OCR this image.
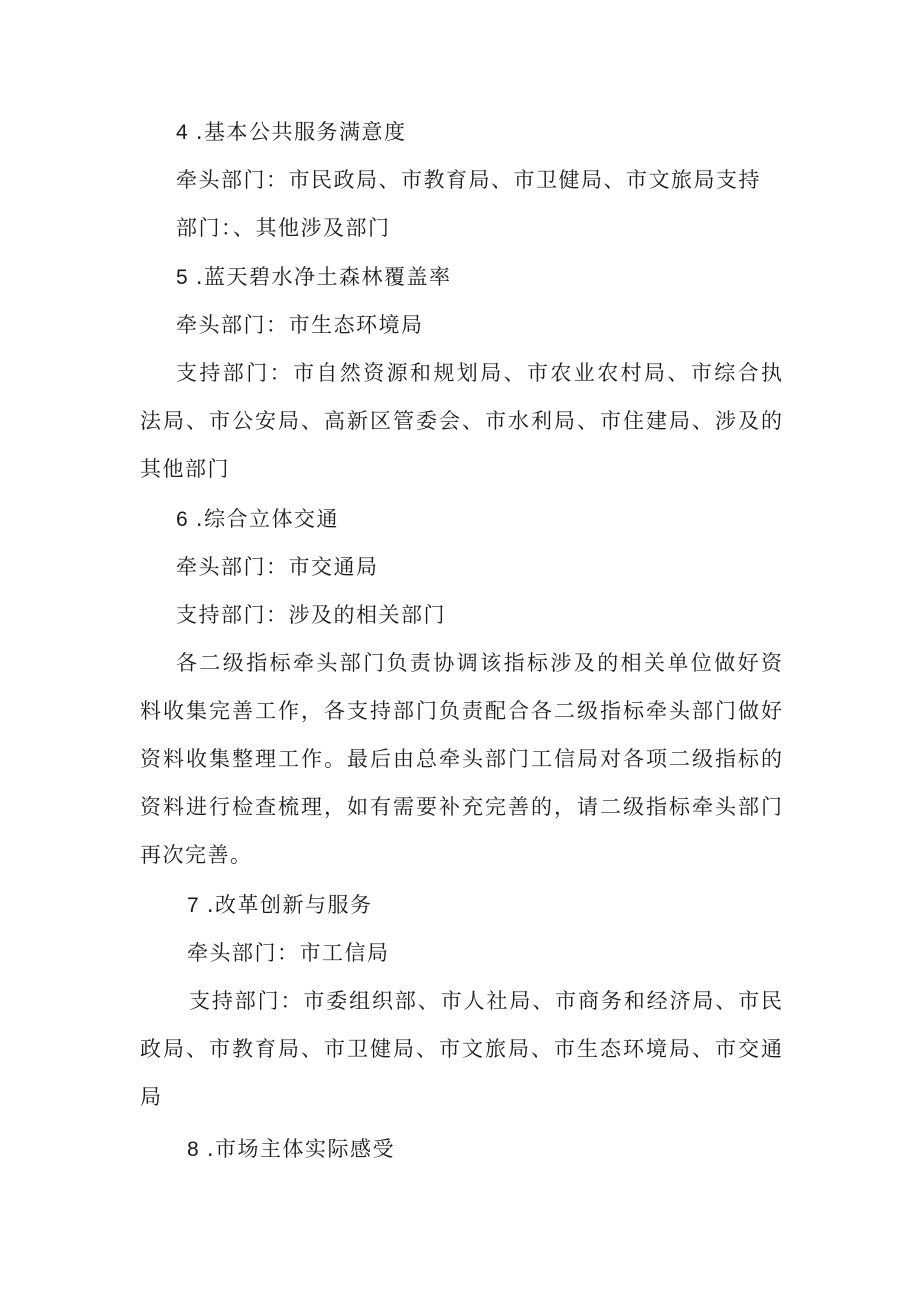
4 .基本公共服务满意度
牵头部门：市民政局、市教育局、市卫健局、市文旅局支持
部门：、其他涉及部门
5 .蓝天碧水净土森林覆盖率
牵头部门：市生态环境局
支持部门：市自然资源和规划局、市农业农村局、市综合执
法局、市公安局、高新区管委会、市水利局、市住建局、涉及的
其他部门
6 .综合立体交通
牵头部门：市交通局
支持部门：涉及的相关部门
各二级指标牵头部门负责协调该指标涉及的相关单位做好资
料收集完善工作，各支持部门负责配合各二级指标牵头部门做好
资料收集整理工作。最后由总牵头部门工信局对各项二级指标的
资料进行检查梳理，如有需要补充完善的，请二级指标牵头部门
再次完善。
7 .改革创新与服务
牵头部门：市工信局
支持部门：市委组织部、市人社局、市商务和经济局、市民
政局、市教育局、市卫健局、市文旅局、市生态环境局、市交通
局
8 .市场主体实际感受
